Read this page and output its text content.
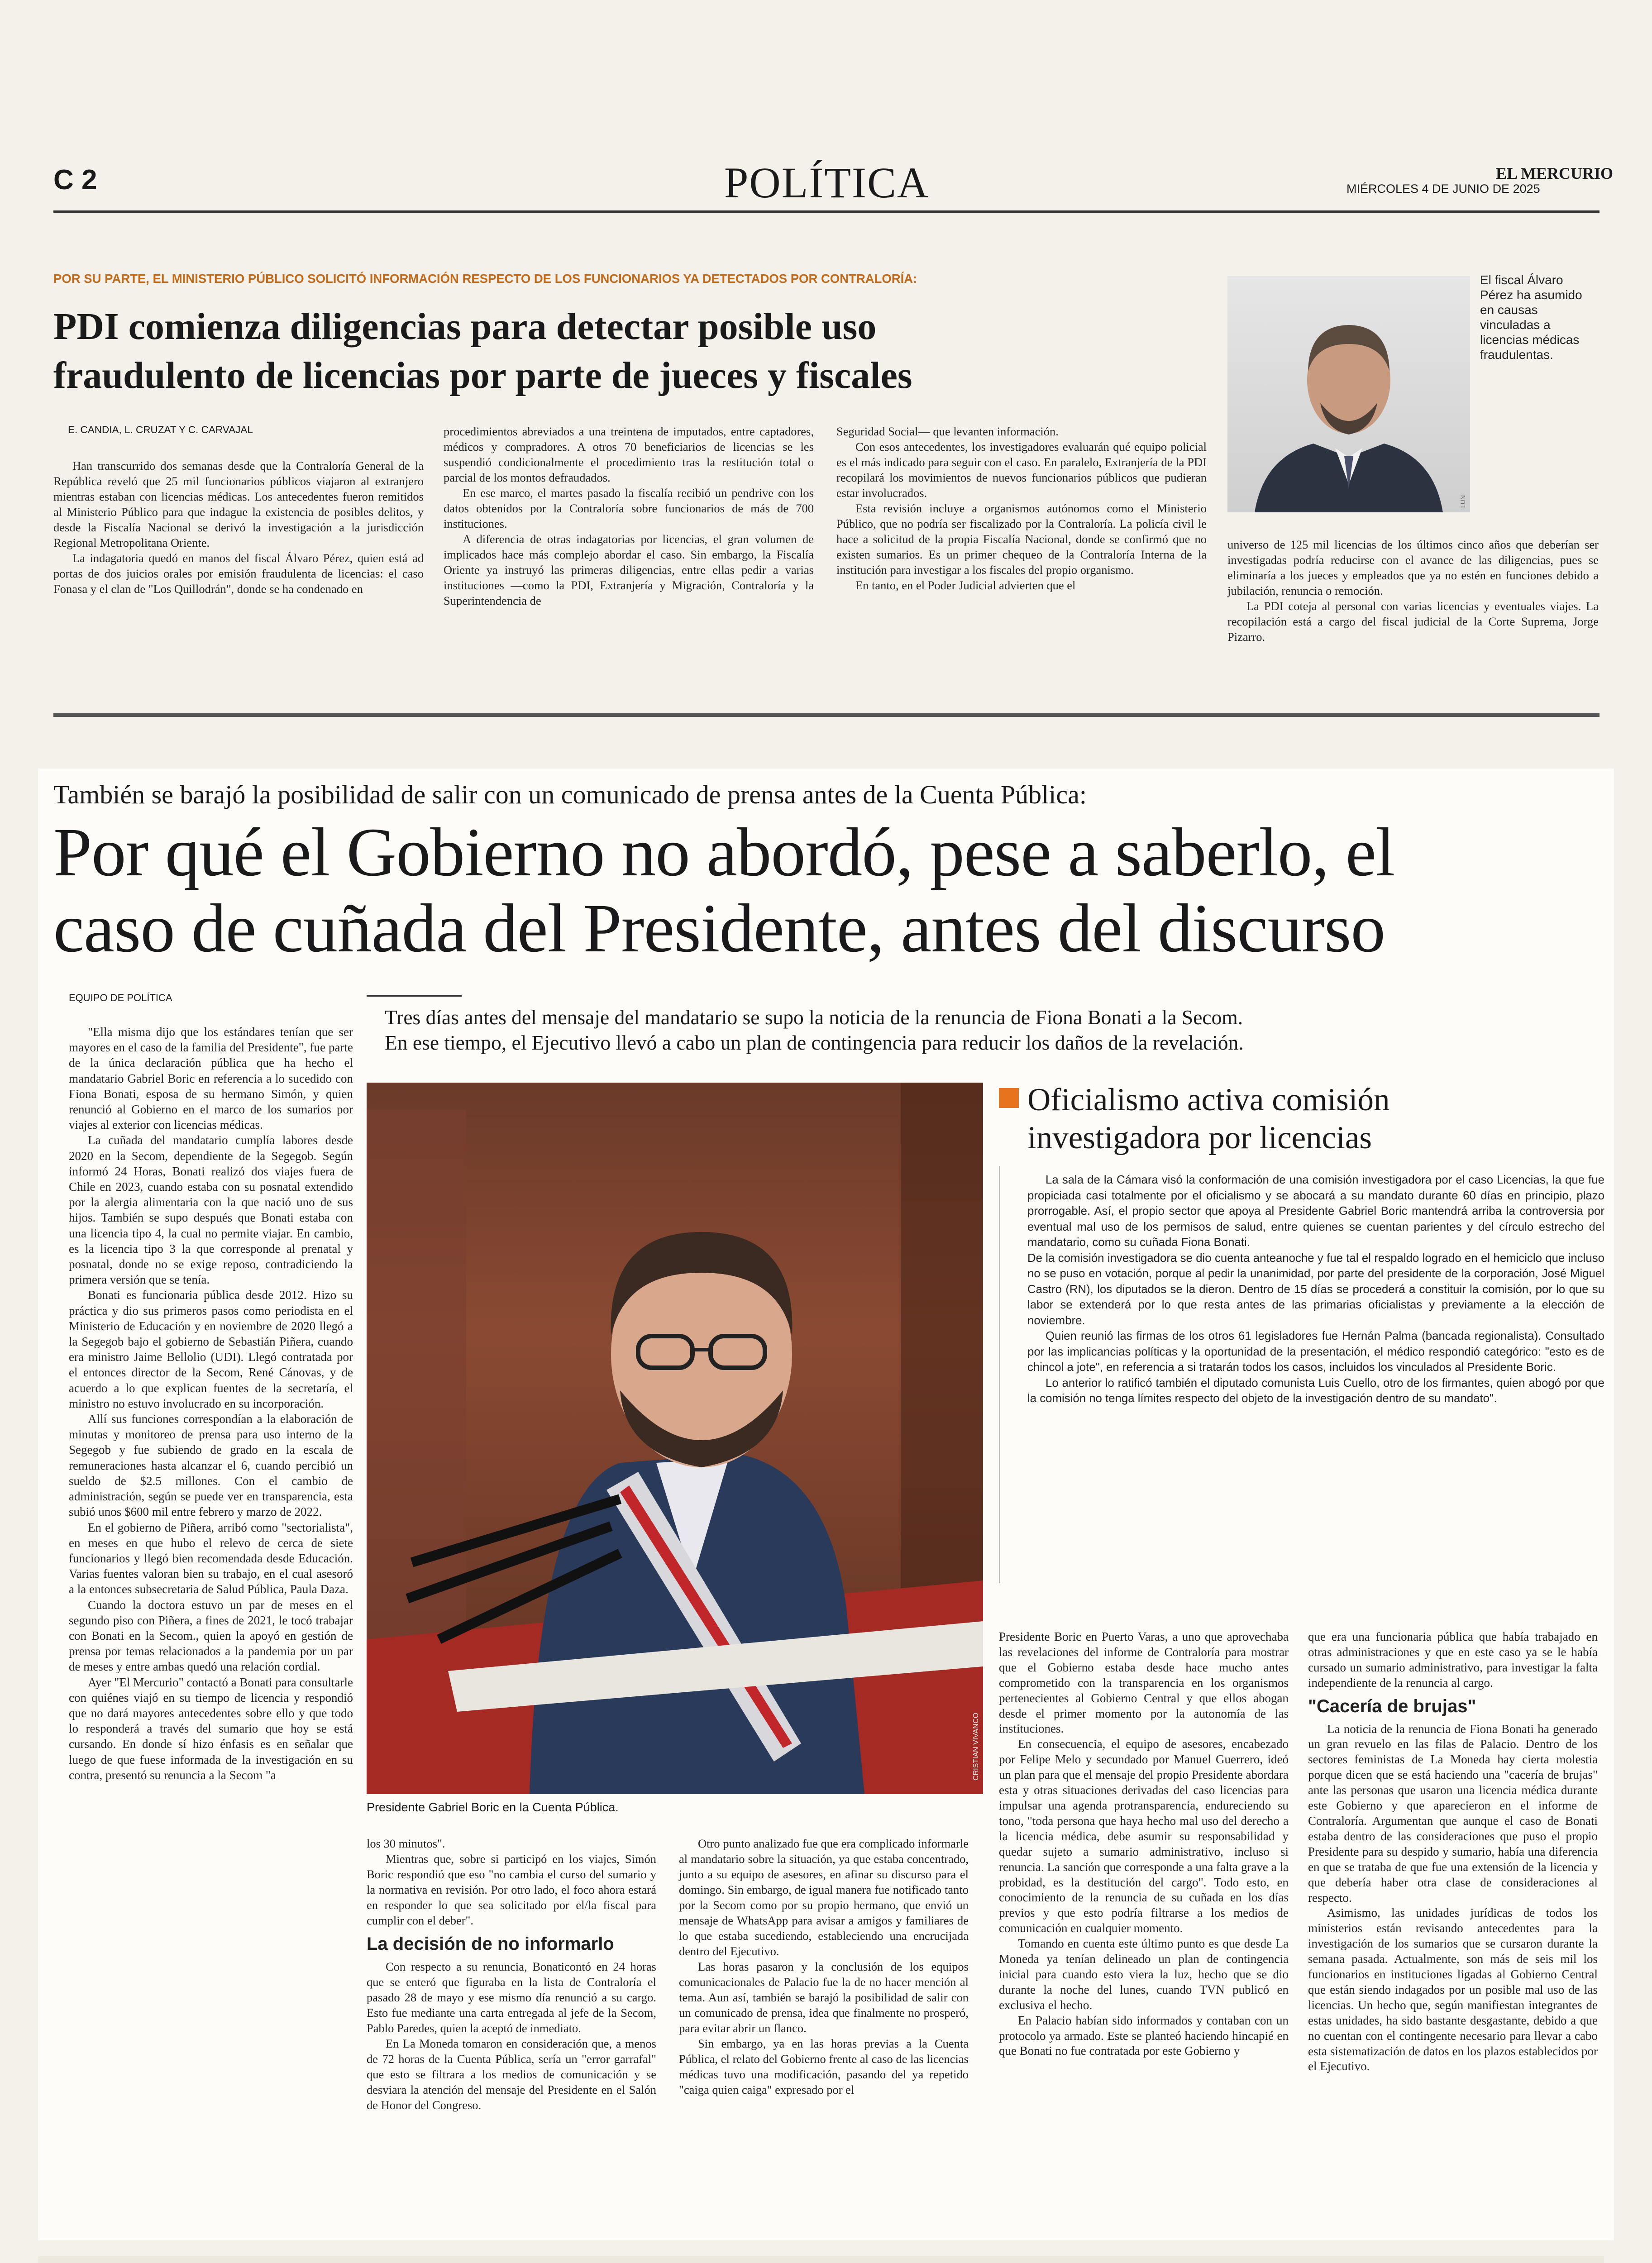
C 2	POLÍTICA	EL MERCURIO
MIÉRCOLES 4 DE JUNIO DE 2025
POR SU PARTE, EL MINISTERIO PÚBLICO SOLICITÓ INFORMACIÓN RESPECTO DE LOS FUNCIONARIOS YA DETECTADOS POR CONTRALORÍA:
PDI comienza diligencias para detectar posible uso
fraudulento de licencias por parte de jueces y fiscales
E. CANDIA, L. CRUZAT Y C. CARVAJAL

Han transcurrido dos semanas desde que la Contraloría General de la República reveló que 25 mil funcionarios públicos viajaron al extranjero mientras estaban con licencias médicas. Los antecedentes fueron remitidos al Ministerio Público para que indague la existencia de posibles delitos, y desde la Fiscalía Nacional se derivó la investigación a la jurisdicción Regional Metropolitana Oriente.

La indagatoria quedó en manos del fiscal Álvaro Pérez, quien está ad portas de dos juicios orales por emisión fraudulenta de licencias: el caso Fonasa y el clan de "Los Quillodrán", donde se ha condenado en

procedimientos abreviados a una treintena de imputados, entre captadores, médicos y compradores. A otros 70 beneficiarios de licencias se les suspendió condicionalmente el procedimiento tras la restitución total o parcial de los montos defraudados.

En ese marco, el martes pasado la fiscalía recibió un pendrive con los datos obtenidos por la Contraloría sobre funcionarios de más de 700 instituciones.

A diferencia de otras indagatorias por licencias, el gran volumen de implicados hace más complejo abordar el caso. Sin embargo, la Fiscalía Oriente ya instruyó las primeras diligencias, entre ellas pedir a varias instituciones —como la PDI, Extranjería y Migración, Contraloría y la Superintendencia de

Seguridad Social— que levanten información.

Con esos antecedentes, los investigadores evaluarán qué equipo policial es el más indicado para seguir con el caso. En paralelo, Extranjería de la PDI recopilará los movimientos de nuevos funcionarios públicos que pudieran estar involucrados.

Esta revisión incluye a organismos autónomos como el Ministerio Público, que no podría ser fiscalizado por la Contraloría. La policía civil le hace a solicitud de la propia Fiscalía Nacional, donde se confirmó que no existen sumarios. Es un primer chequeo de la Contraloría Interna de la institución para investigar a los fiscales del propio organismo.

En tanto, en el Poder Judicial advierten que el

LUN
El fiscal Álvaro Pérez ha asumido en causas vinculadas a licencias médicas fraudulentas.

universo de 125 mil licencias de los últimos cinco años que deberían ser investigadas podría reducirse con el avance de las diligencias, pues se eliminaría a los jueces y empleados que ya no estén en funciones debido a jubilación, renuncia o remoción.

La PDI coteja al personal con varias licencias y eventuales viajes. La recopilación está a cargo del fiscal judicial de la Corte Suprema, Jorge Pizarro.

También se barajó la posibilidad de salir con un comunicado de prensa antes de la Cuenta Pública:
Por qué el Gobierno no abordó, pese a saberlo, el
caso de cuñada del Presidente, antes del discurso
EQUIPO DE POLÍTICA
Tres días antes del mensaje del mandatario se supo la noticia de la renuncia de Fiona Bonati a la Secom.
En ese tiempo, el Ejecutivo llevó a cabo un plan de contingencia para reducir los daños de la revelación.

"Ella misma dijo que los estándares tenían que ser mayores en el caso de la familia del Presidente", fue parte de la única declaración pública que ha hecho el mandatario Gabriel Boric en referencia a lo sucedido con Fiona Bonati, esposa de su hermano Simón, y quien renunció al Gobierno en el marco de los sumarios por viajes al exterior con licencias médicas.

La cuñada del mandatario cumplía labores desde 2020 en la Secom, dependiente de la Segegob. Según informó 24 Horas, Bonati realizó dos viajes fuera de Chile en 2023, cuando estaba con su posnatal extendido por la alergia alimentaria con la que nació uno de sus hijos. También se supo después que Bonati estaba con una licencia tipo 4, la cual no permite viajar. En cambio, es la licencia tipo 3 la que corresponde al prenatal y posnatal, donde no se exige reposo, contradiciendo la primera versión que se tenía.

Bonati es funcionaria pública desde 2012. Hizo su práctica y dio sus primeros pasos como periodista en el Ministerio de Educación y en noviembre de 2020 llegó a la Segegob bajo el gobierno de Sebastián Piñera, cuando era ministro Jaime Bellolio (UDI). Llegó contratada por el entonces director de la Secom, René Cánovas, y de acuerdo a lo que explican fuentes de la secretaría, el ministro no estuvo involucrado en su incorporación.

Allí sus funciones correspondían a la elaboración de minutas y monitoreo de prensa para uso interno de la Segegob y fue subiendo de grado en la escala de remuneraciones hasta alcanzar el 6, cuando percibió un sueldo de $2.5 millones. Con el cambio de administración, según se puede ver en transparencia, esta subió unos $600 mil entre febrero y marzo de 2022.

En el gobierno de Piñera, arribó como "sectorialista", en meses en que hubo el relevo de cerca de siete funcionarios y llegó bien recomendada desde Educación. Varias fuentes valoran bien su trabajo, en el cual asesoró a la entonces subsecretaria de Salud Pública, Paula Daza.

Cuando la doctora estuvo un par de meses en el segundo piso con Piñera, a fines de 2021, le tocó trabajar con Bonati en la Secom., quien la apoyó en gestión de prensa por temas relacionados a la pandemia por un par de meses y entre ambas quedó una relación cordial.

Ayer "El Mercurio" contactó a Bonati para consultarle con quiénes viajó en su tiempo de licencia y respondió que no dará mayores antecedentes sobre ello y que todo lo responderá a través del sumario que hoy se está cursando. En donde sí hizo énfasis es en señalar que luego de que fuese informada de la investigación en su contra, presentó su renuncia a la Secom "a	CRISTIAN VIVANCO
Presidente Gabriel Boric en la Cuenta Pública.
Oficialismo activa comisión
investigadora por licencias

La sala de la Cámara visó la conformación de una comisión investigadora por el caso Licencias, la que fue propiciada casi totalmente por el oficialismo y se abocará a su mandato durante 60 días en principio, plazo prorrogable. Así, el propio sector que apoya al Presidente Gabriel Boric mantendrá arriba la controversia por eventual mal uso de los permisos de salud, entre quienes se cuentan parientes y del círculo estrecho del mandatario, como su cuñada Fiona Bonati.

De la comisión investigadora se dio cuenta anteanoche y fue tal el respaldo logrado en el hemiciclo que incluso no se puso en votación, porque al pedir la unanimidad, por parte del presidente de la corporación, José Miguel Castro (RN), los diputados se la dieron. Dentro de 15 días se procederá a constituir la comisión, por lo que su labor se extenderá por lo que resta antes de las primarias oficialistas y previamente a la elección de noviembre.

Quien reunió las firmas de los otros 61 legisladores fue Hernán Palma (bancada regionalista). Consultado por las implicancias políticas y la oportunidad de la presentación, el médico respondió categórico: "esto es de chincol a jote", en referencia a si tratarán todos los casos, incluidos los vinculados al Presidente Boric.

Lo anterior lo ratificó también el diputado comunista Luis Cuello, otro de los firmantes, quien abogó por que la comisión no tenga límites respecto del objeto de la investigación dentro de su mandato".

los 30 minutos".

Mientras que, sobre si participó en los viajes, Simón Boric respondió que eso "no cambia el curso del sumario y la normativa en revisión. Por otro lado, el foco ahora estará en responder lo que sea solicitado por el/la fiscal para cumplir con el deber".

La decisión de no informarlo

Con respecto a su renuncia, Bonaticontó en 24 horas que se enteró que figuraba en la lista de Contraloría el pasado 28 de mayo y ese mismo día renunció a su cargo. Esto fue mediante una carta entregada al jefe de la Secom, Pablo Paredes, quien la aceptó de inmediato.

En La Moneda tomaron en consideración que, a menos de 72 horas de la Cuenta Pública, sería un "error garrafal" que esto se filtrara a los medios de comunicación y se desviara la atención del mensaje del Presidente en el Salón de Honor del Congreso.

Otro punto analizado fue que era complicado informarle al mandatario sobre la situación, ya que estaba concentrado, junto a su equipo de asesores, en afinar su discurso para el domingo. Sin embargo, de igual manera fue notificado tanto por la Secom como por su propio hermano, que envió un mensaje de WhatsApp para avisar a amigos y familiares de lo que estaba sucediendo, estableciendo una encrucijada dentro del Ejecutivo.

Las horas pasaron y la conclusión de los equipos comunicacionales de Palacio fue la de no hacer mención al tema. Aun así, también se barajó la posibilidad de salir con un comunicado de prensa, idea que finalmente no prosperó, para evitar abrir un flanco.

Sin embargo, ya en las horas previas a la Cuenta Pública, el relato del Gobierno frente al caso de las licencias médicas tuvo una modificación, pasando del ya repetido "caiga quien caiga" expresado por el

Presidente Boric en Puerto Varas, a uno que aprovechaba las revelaciones del informe de Contraloría para mostrar que el Gobierno estaba desde hace mucho antes comprometido con la transparencia en los organismos pertenecientes al Gobierno Central y que ellos abogan desde el primer momento por la autonomía de las instituciones.

En consecuencia, el equipo de asesores, encabezado por Felipe Melo y secundado por Manuel Guerrero, ideó un plan para que el mensaje del propio Presidente abordara esta y otras situaciones derivadas del caso licencias para impulsar una agenda protransparencia, endureciendo su tono, "toda persona que haya hecho mal uso del derecho a la licencia médica, debe asumir su responsabilidad y quedar sujeto a sumario administrativo, incluso si renuncia. La sanción que corresponde a una falta grave a la probidad, es la destitución del cargo". Todo esto, en conocimiento de la renuncia de su cuñada en los días previos y que esto podría filtrarse a los medios de comunicación en cualquier momento.

Tomando en cuenta este último punto es que desde La Moneda ya tenían delineado un plan de contingencia inicial para cuando esto viera la luz, hecho que se dio durante la noche del lunes, cuando TVN publicó en exclusiva el hecho.

En Palacio habían sido informados y contaban con un protocolo ya armado. Este se planteó haciendo hincapié en que Bonati no fue contratada por este Gobierno y

que era una funcionaria pública que había trabajado en otras administraciones y que en este caso ya se le había cursado un sumario administrativo, para investigar la falta independiente de la renuncia al cargo.

"Cacería de brujas"

La noticia de la renuncia de Fiona Bonati ha generado un gran revuelo en las filas de Palacio. Dentro de los sectores feministas de La Moneda hay cierta molestia porque dicen que se está haciendo una "cacería de brujas" ante las personas que usaron una licencia médica durante este Gobierno y que aparecieron en el informe de Contraloría. Argumentan que aunque el caso de Bonati estaba dentro de las consideraciones que puso el propio Presidente para su despido y sumario, había una diferencia en que se trataba de que fue una extensión de la licencia y que debería haber otra clase de consideraciones al respecto.

Asimismo, las unidades jurídicas de todos los ministerios están revisando antecedentes para la investigación de los sumarios que se cursaron durante la semana pasada. Actualmente, son más de seis mil los funcionarios en instituciones ligadas al Gobierno Central que están siendo indagados por un posible mal uso de las licencias. Un hecho que, según manifiestan integrantes de estas unidades, ha sido bastante desgastante, debido a que no cuentan con el contingente necesario para llevar a cabo esta sistematización de datos en los plazos establecidos por el Ejecutivo.
